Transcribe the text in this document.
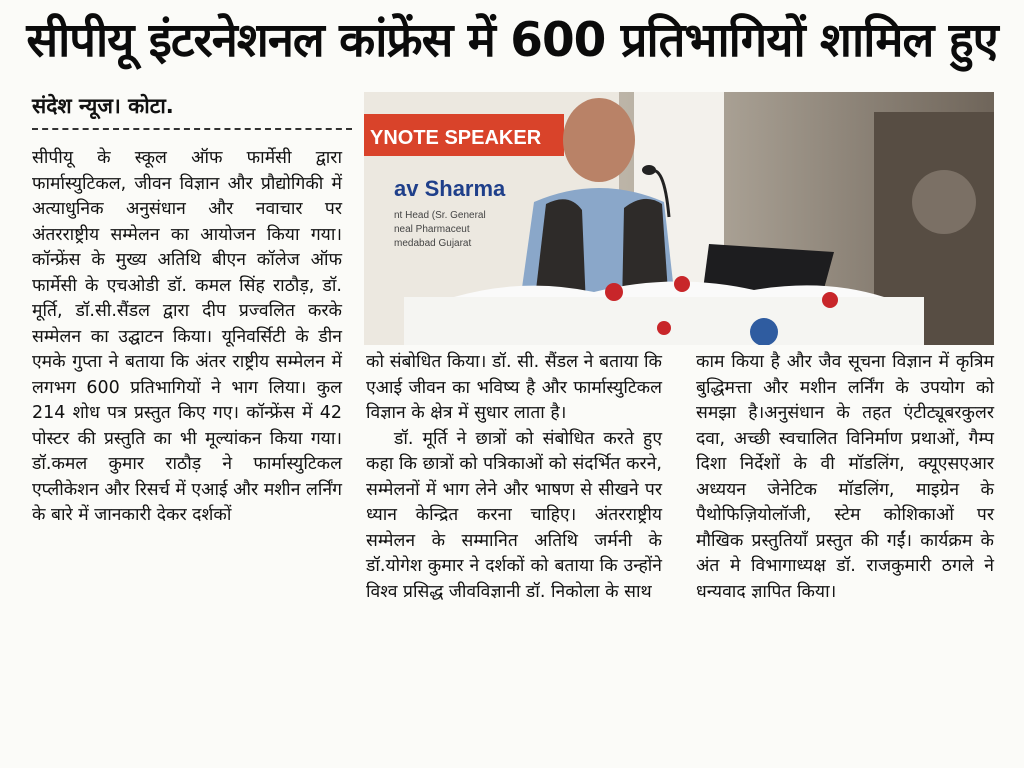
सीपीयू इंटरनेशनल कांफ्रेंस में 600 प्रतिभागियों शामिल हुए
संदेश न्यूज। कोटा.

सीपीयू के स्कूल ऑफ फार्मेसी द्वारा फार्मास्युटिकल, जीवन विज्ञान और प्रौद्योगिकी में अत्याधुनिक अनुसंधान और नवाचार पर अंतरराष्ट्रीय सम्मेलन का आयोजन किया गया। कॉन्फ्रेंस के मुख्य अतिथि बीएन कॉलेज ऑफ फार्मेसी के एचओडी डॉ. कमल सिंह राठौड़, डॉ. मूर्ति, डॉ.सी.सैंडल द्वारा दीप प्रज्वलित करके सम्मेलन का उद्घाटन किया। यूनिवर्सिटी के डीन एमके गुप्ता ने बताया कि अंतर राष्ट्रीय सम्मेलन में लगभग 600 प्रतिभागियों ने भाग लिया। कुल 214 शोध पत्र प्रस्तुत किए गए। कॉन्फ्रेंस में 42 पोस्टर की प्रस्तुति का भी मूल्यांकन किया गया। डॉ.कमल कुमार राठौड़ ने फार्मास्युटिकल एप्लीकेशन और रिसर्च में एआई और मशीन लर्निंग के बारे में जानकारी देकर दर्शकों

YNOTE SPEAKER
av Sharma
nt Head (Sr. General
neal Pharmaceut
medabad Gujarat

को संबोधित किया। डॉ. सी. सैंडल ने बताया कि एआई जीवन का भविष्य है और फार्मास्युटिकल विज्ञान के क्षेत्र में सुधार लाता है।

डॉ. मूर्ति ने छात्रों को संबोधित करते हुए कहा कि छात्रों को पत्रिकाओं को संदर्भित करने, सम्मेलनों में भाग लेने और भाषण से सीखने पर ध्यान केन्द्रित करना चाहिए। अंतरराष्ट्रीय सम्मेलन के सम्मानित अतिथि जर्मनी के डॉ.योगेश कुमार ने दर्शकों को बताया कि उन्होंने विश्व प्रसिद्ध जीवविज्ञानी डॉ. निकोला के साथ

काम किया है और जैव सूचना विज्ञान में कृत्रिम बुद्धिमत्ता और मशीन लर्निंग के उपयोग को समझा है।अनुसंधान के तहत एंटीट्यूबरकुलर दवा, अच्छी स्वचालित विनिर्माण प्रथाओं, गैम्प दिशा निर्देशों के वी मॉडलिंग, क्यूएसएआर अध्ययन जेनेटिक मॉडलिंग, माइग्रेन के पैथोफिज़ियोलॉजी, स्टेम कोशिकाओं पर मौखिक प्रस्तुतियाँ प्रस्तुत की गईं। कार्यक्रम के अंत मे विभागाध्यक्ष डॉ. राजकुमारी ठगले ने धन्यवाद ज्ञापित किया।
